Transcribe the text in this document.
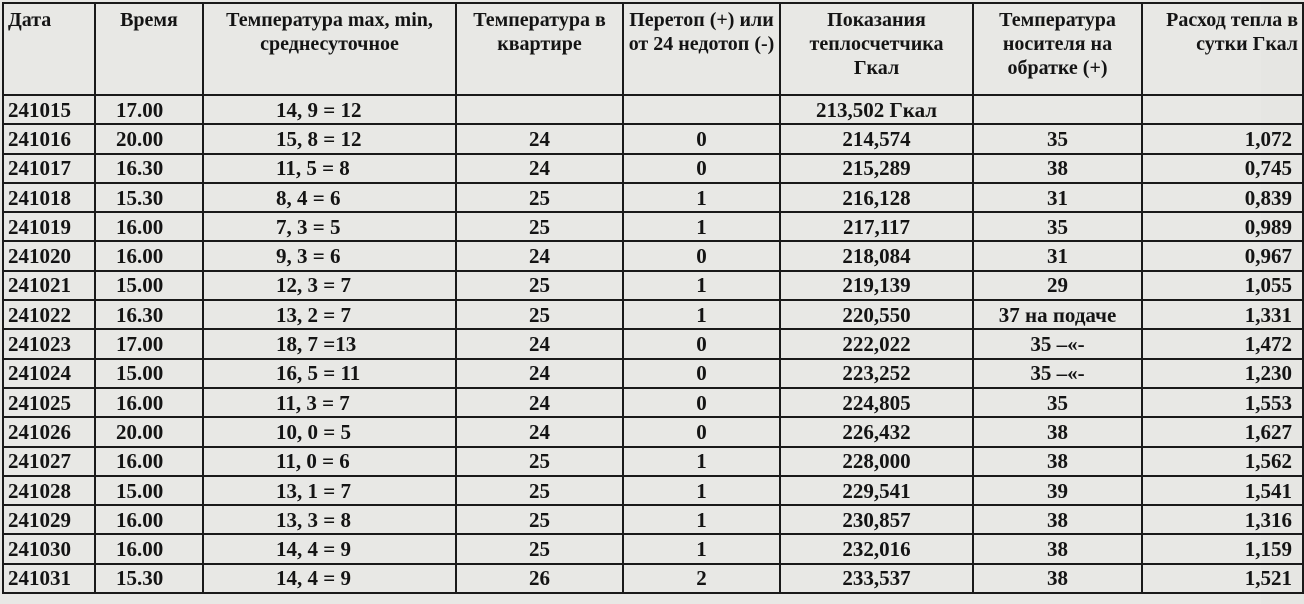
Дата	Время	Температура max, min, среднесуточное	Температура в квартире	Перетоп (+) или от 24 недотоп (-)	Показания теплосчетчика Гкал	Температура носителя на обратке (+)	Расход тепла в сутки Гкал
241015	17.00	14, 9 = 12			213,502 Гкал		
241016	20.00	15, 8 = 12	24	0	214,574	35	1,072
241017	16.30	11, 5 = 8	24	0	215,289	38	0,745
241018	15.30	8, 4 = 6	25	1	216,128	31	0,839
241019	16.00	7, 3 = 5	25	1	217,117	35	0,989
241020	16.00	9, 3 = 6	24	0	218,084	31	0,967
241021	15.00	12, 3 = 7	25	1	219,139	29	1,055
241022	16.30	13, 2 = 7	25	1	220,550	37 на подаче	1,331
241023	17.00	18, 7 =13	24	0	222,022	35 –«-	1,472
241024	15.00	16, 5 = 11	24	0	223,252	35 –«-	1,230
241025	16.00	11, 3 = 7	24	0	224,805	35	1,553
241026	20.00	10, 0 = 5	24	0	226,432	38	1,627
241027	16.00	11, 0 = 6	25	1	228,000	38	1,562
241028	15.00	13, 1 = 7	25	1	229,541	39	1,541
241029	16.00	13, 3 = 8	25	1	230,857	38	1,316
241030	16.00	14, 4 = 9	25	1	232,016	38	1,159
241031	15.30	14, 4 = 9	26	2	233,537	38	1,521
